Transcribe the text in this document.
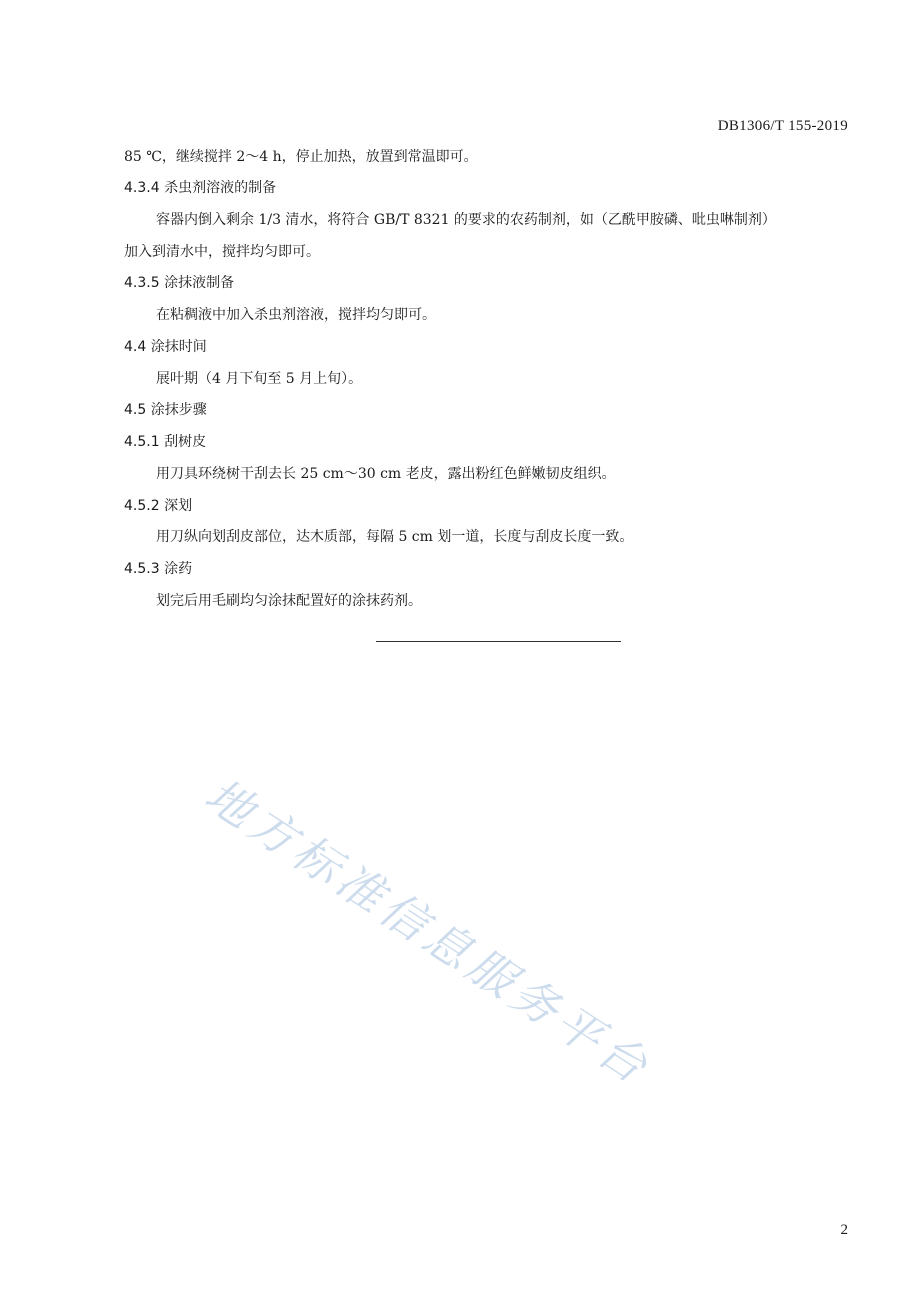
DB1306/T 155-2019
85 ℃，继续搅拌 2～4 h，停止加热，放置到常温即可。
4.3.4 杀虫剂溶液的制备
容器内倒入剩余 1/3 清水，将符合 GB/T 8321 的要求的农药制剂，如（乙酰甲胺磷、吡虫啉制剂）
加入到清水中，搅拌均匀即可。
4.3.5 涂抹液制备
在粘稠液中加入杀虫剂溶液，搅拌均匀即可。
4.4 涂抹时间
展叶期（4 月下旬至 5 月上旬）。
4.5 涂抹步骤
4.5.1 刮树皮
用刀具环绕树干刮去长 25 cm～30 cm 老皮，露出粉红色鲜嫩韧皮组织。
4.5.2 深划
用刀纵向划刮皮部位，达木质部，每隔 5 cm 划一道，长度与刮皮长度一致。
4.5.3 涂药
划完后用毛刷均匀涂抹配置好的涂抹药剂。
地方标准信息服务平台
2
